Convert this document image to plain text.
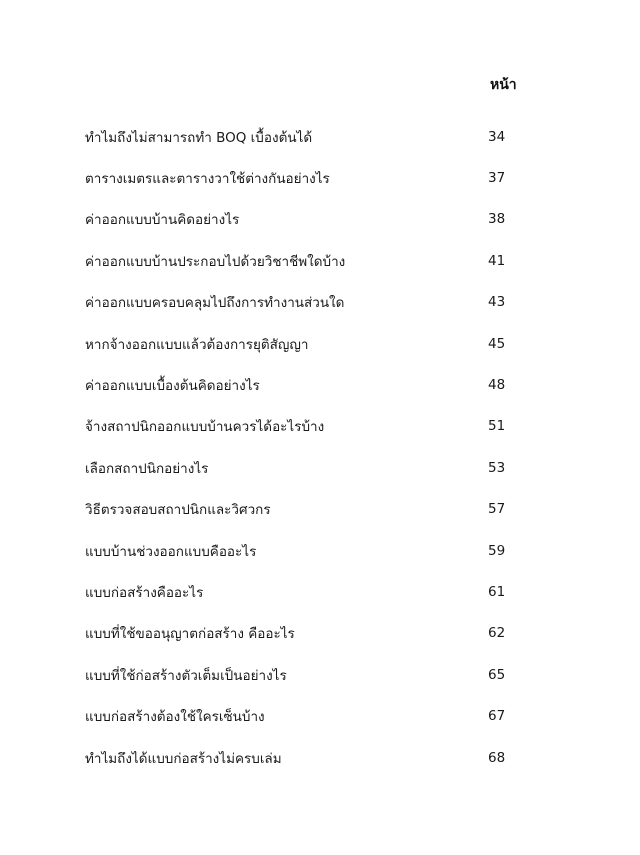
หน้า
ทำไมถึงไม่สามารถทำ BOQ เบื้องต้นได้	34
ตารางเมตรและตารางวาใช้ต่างกันอย่างไร	37
ค่าออกแบบบ้านคิดอย่างไร	38
ค่าออกแบบบ้านประกอบไปด้วยวิชาชีพใดบ้าง	41
ค่าออกแบบครอบคลุมไปถึงการทำงานส่วนใด	43
หากจ้างออกแบบแล้วต้องการยุติสัญญา	45
ค่าออกแบบเบื้องต้นคิดอย่างไร	48
จ้างสถาปนิกออกแบบบ้านควรได้อะไรบ้าง	51
เลือกสถาปนิกอย่างไร	53
วิธีตรวจสอบสถาปนิกและวิศวกร	57
แบบบ้านช่วงออกแบบคืออะไร	59
แบบก่อสร้างคืออะไร	61
แบบที่ใช้ขออนุญาตก่อสร้าง คืออะไร	62
แบบที่ใช้ก่อสร้างตัวเต็มเป็นอย่างไร	65
แบบก่อสร้างต้องใช้ใครเซ็นบ้าง	67
ทำไมถึงได้แบบก่อสร้างไม่ครบเล่ม	68
